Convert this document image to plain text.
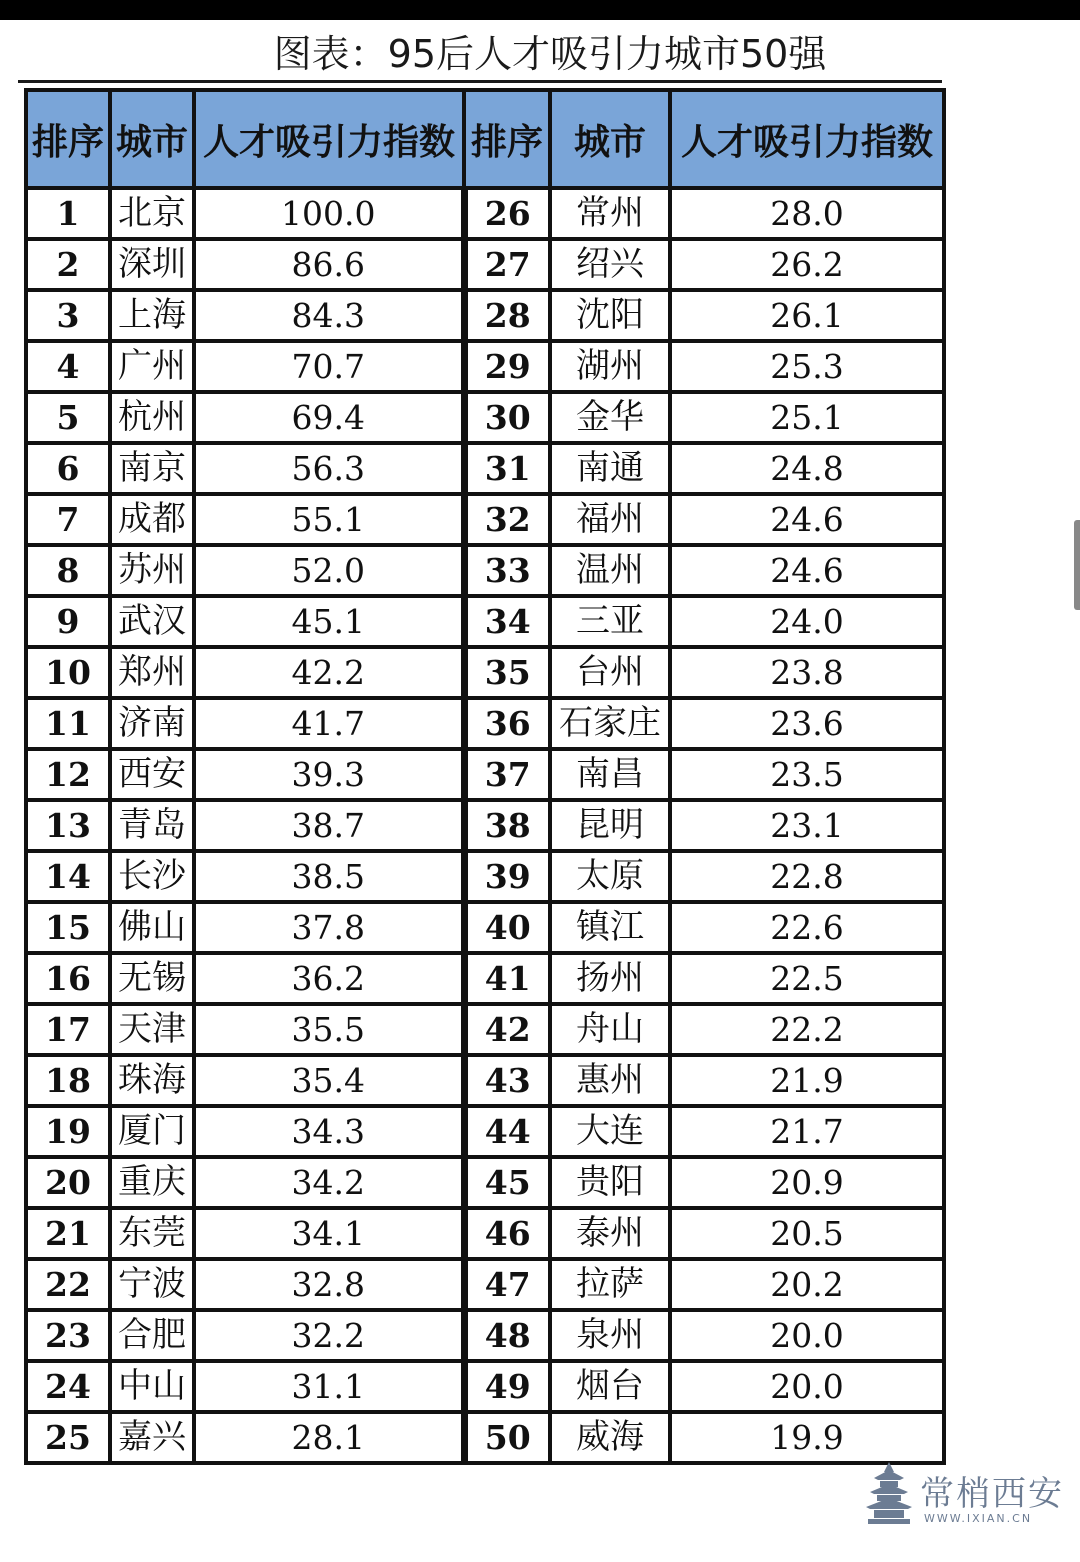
图表：95后人才吸引力城市50强
排序	城市	人才吸引力指数	排序	城市	人才吸引力指数
1	北京	100.0	26	常州	28.0
2	深圳	86.6	27	绍兴	26.2
3	上海	84.3	28	沈阳	26.1
4	广州	70.7	29	湖州	25.3
5	杭州	69.4	30	金华	25.1
6	南京	56.3	31	南通	24.8
7	成都	55.1	32	福州	24.6
8	苏州	52.0	33	温州	24.6
9	武汉	45.1	34	三亚	24.0
10	郑州	42.2	35	台州	23.8
11	济南	41.7	36	石家庄	23.6
12	西安	39.3	37	南昌	23.5
13	青岛	38.7	38	昆明	23.1
14	长沙	38.5	39	太原	22.8
15	佛山	37.8	40	镇江	22.6
16	无锡	36.2	41	扬州	22.5
17	天津	35.5	42	舟山	22.2
18	珠海	35.4	43	惠州	21.9
19	厦门	34.3	44	大连	21.7
20	重庆	34.2	45	贵阳	20.9
21	东莞	34.1	46	泰州	20.5
22	宁波	32.8	47	拉萨	20.2
23	合肥	32.2	48	泉州	20.0
24	中山	31.1	49	烟台	20.0
25	嘉兴	28.1	50	威海	19.9
常梢西安
WWW.IXIAN.CN
